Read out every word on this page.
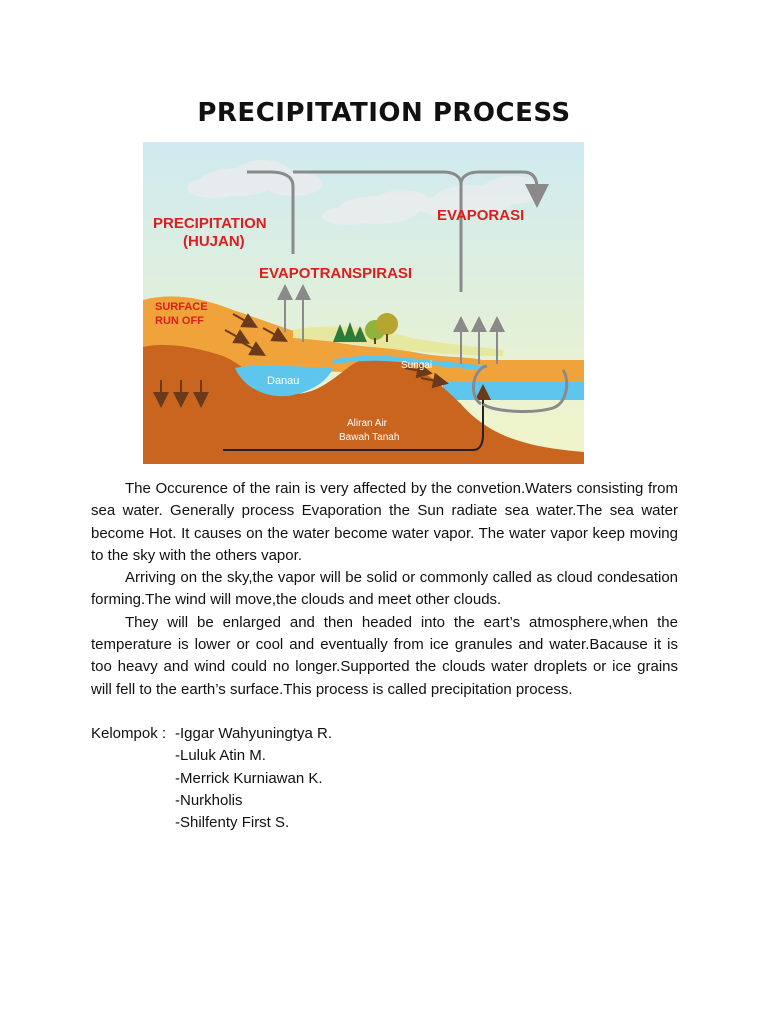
PRECIPITATION PROCESS
PRECIPITATION
(HUJAN)
EVAPORASI
EVAPOTRANSPIRASI
SURFACE
RUN OFF
Danau
Sungai
Aliran Air
Bawah Tanah

The Occurence of the rain is very affected by the convetion.Waters consisting from sea water. Generally process Evaporation the Sun radiate sea water.The sea water become Hot. It causes on the water become water vapor. The water vapor keep moving to the sky with the others vapor.

Arriving on the sky,the vapor will be solid or commonly called as cloud condesation forming.The wind will move,the clouds and meet other clouds.

They will be enlarged and then headed into the eart’s atmosphere,when the temperature is lower or cool and eventually from ice granules and water.Bacause it is too heavy and wind could no longer.Supported the clouds water droplets or ice grains will fell to the earth’s surface.This process is called precipitation process.

Kelompok : -Iggar Wahyuningtya R.
-Luluk Atin M.
-Merrick Kurniawan K.
-Nurkholis
-Shilfenty First S.
